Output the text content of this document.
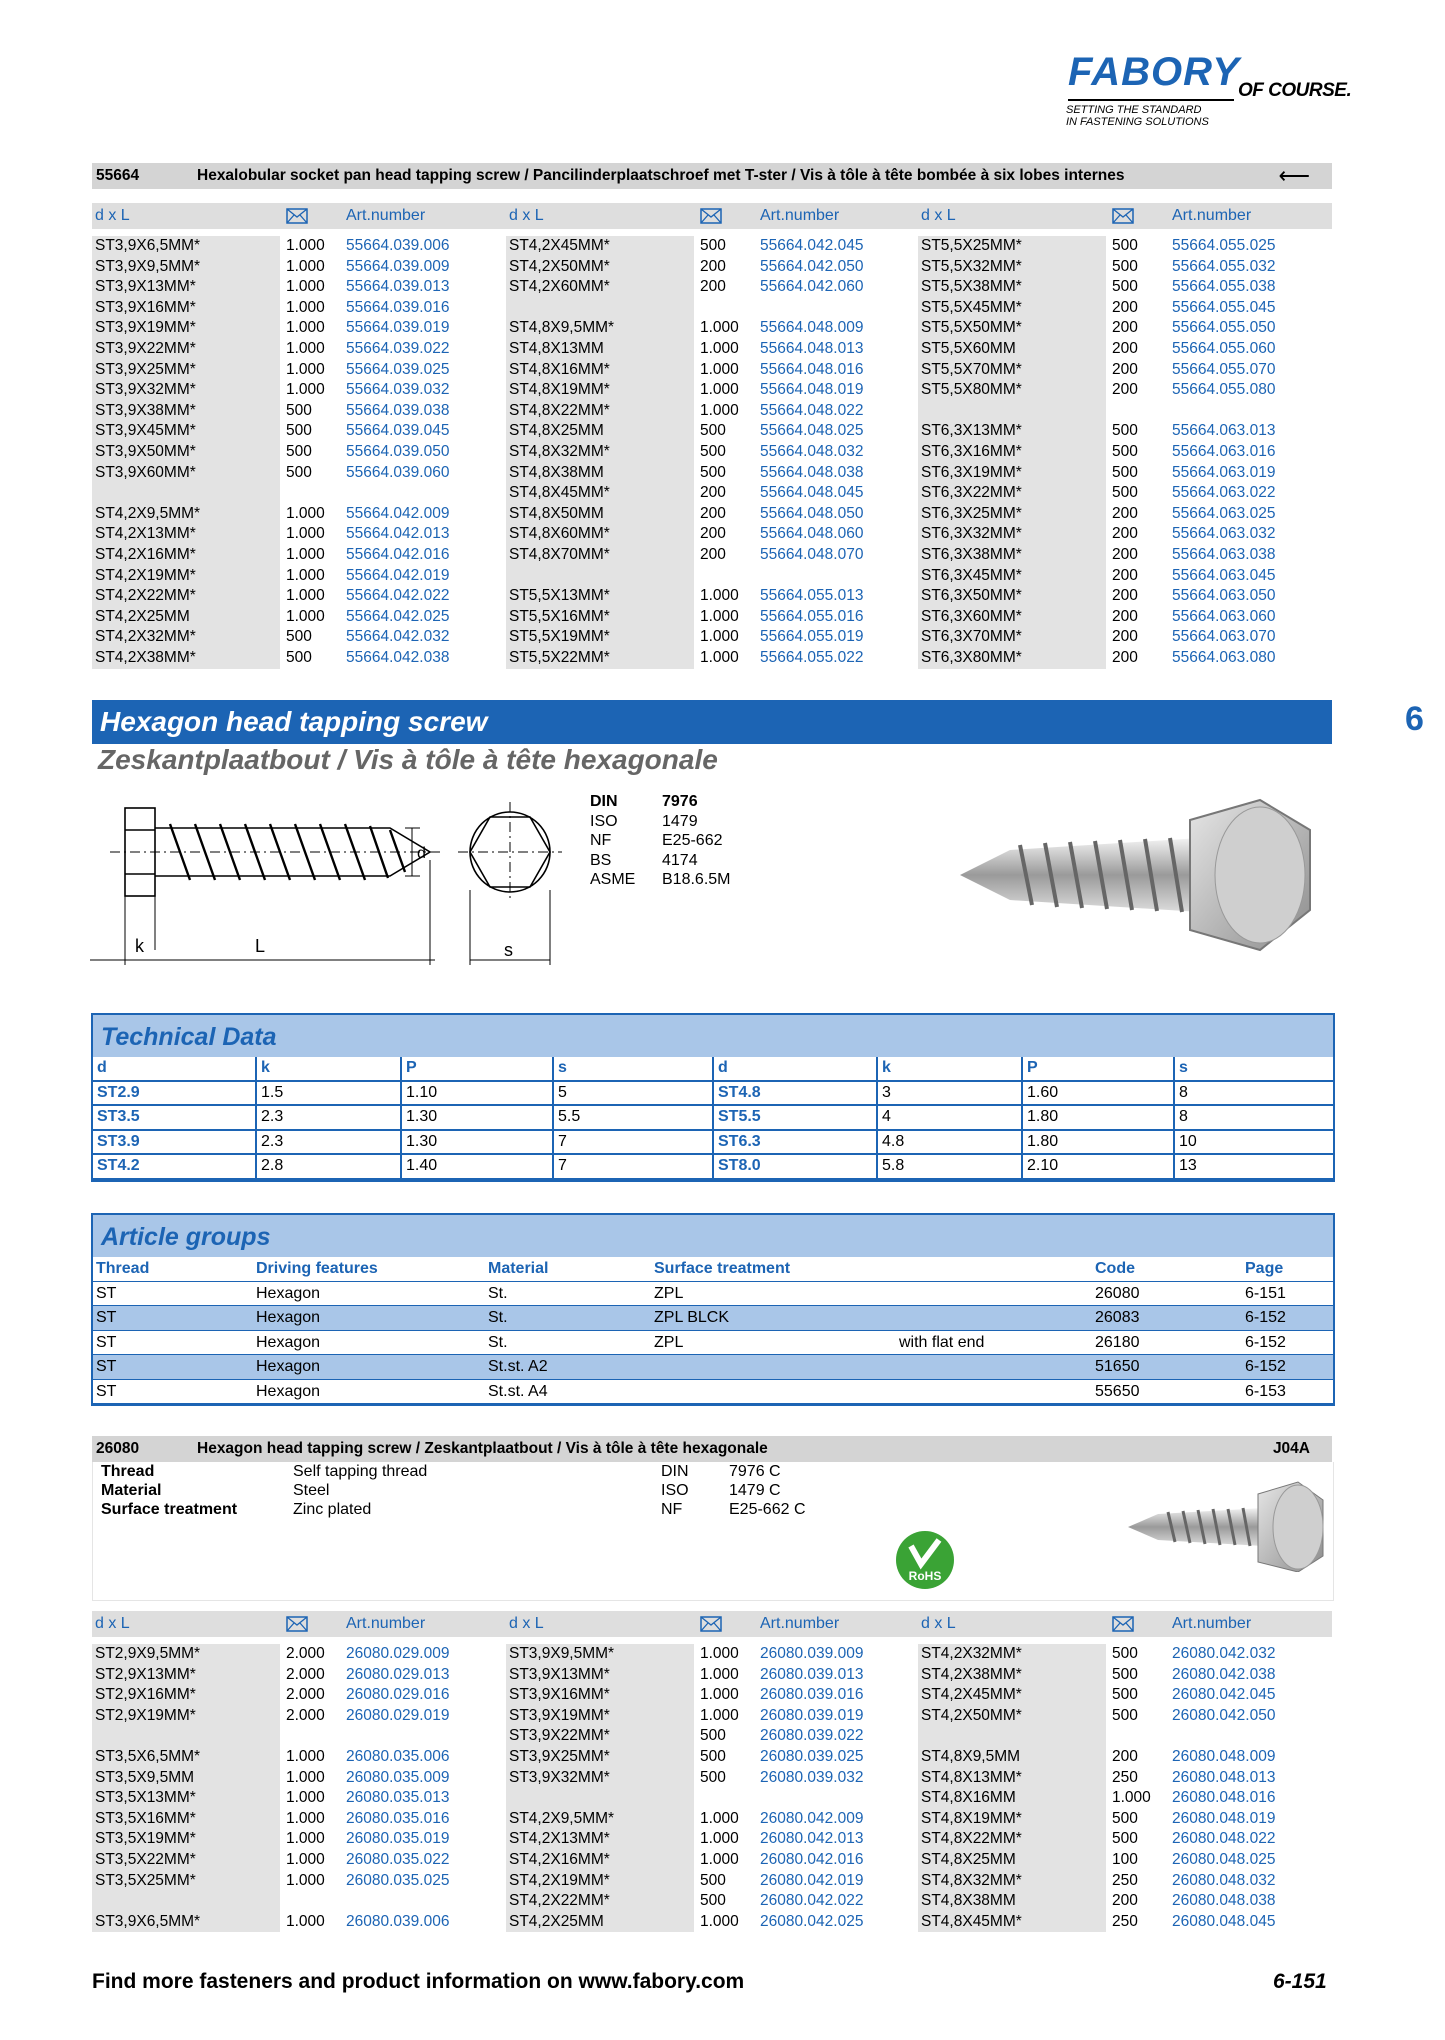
FABORY
OF COURSE.
SETTING THE STANDARD
IN FASTENING SOLUTIONS
55664	Hexalobular socket pan head tapping screw / Pancilinderplaatschroef met T-ster / Vis à tôle à tête bombée à six lobes internes	⟵
d x L	Art.number	d x L	Art.number	d x L	Art.number
ST3,9X6,5MM*	1.000 55664.039.006
ST3,9X9,5MM*	1.000 55664.039.009
ST3,9X13MM*	1.000 55664.039.013
ST3,9X16MM*	1.000 55664.039.016
ST3,9X19MM*	1.000 55664.039.019
ST3,9X22MM*	1.000 55664.039.022
ST3,9X25MM*	1.000 55664.039.025
ST3,9X32MM*	1.000 55664.039.032
ST3,9X38MM*	500 55664.039.038
ST3,9X45MM*	500 55664.039.045
ST3,9X50MM*	500 55664.039.050
ST3,9X60MM*	500 55664.039.060
ST4,2X9,5MM*	1.000 55664.042.009
ST4,2X13MM*	1.000 55664.042.013
ST4,2X16MM*	1.000 55664.042.016
ST4,2X19MM*	1.000 55664.042.019
ST4,2X22MM*	1.000 55664.042.022
ST4,2X25MM	1.000 55664.042.025
ST4,2X32MM*	500 55664.042.032
ST4,2X38MM*	500 55664.042.038
ST4,2X45MM*	500 55664.042.045
ST4,2X50MM*	200 55664.042.050
ST4,2X60MM*	200 55664.042.060
ST4,8X9,5MM*	1.000 55664.048.009
ST4,8X13MM	1.000 55664.048.013
ST4,8X16MM*	1.000 55664.048.016
ST4,8X19MM*	1.000 55664.048.019
ST4,8X22MM*	1.000 55664.048.022
ST4,8X25MM	500 55664.048.025
ST4,8X32MM*	500 55664.048.032
ST4,8X38MM	500 55664.048.038
ST4,8X45MM*	200 55664.048.045
ST4,8X50MM	200 55664.048.050
ST4,8X60MM*	200 55664.048.060
ST4,8X70MM*	200 55664.048.070
ST5,5X13MM*	1.000 55664.055.013
ST5,5X16MM*	1.000 55664.055.016
ST5,5X19MM*	1.000 55664.055.019
ST5,5X22MM*	1.000 55664.055.022
ST5,5X25MM*	500 55664.055.025
ST5,5X32MM*	500 55664.055.032
ST5,5X38MM*	500 55664.055.038
ST5,5X45MM*	200 55664.055.045
ST5,5X50MM*	200 55664.055.050
ST5,5X60MM	200 55664.055.060
ST5,5X70MM*	200 55664.055.070
ST5,5X80MM*	200 55664.055.080
ST6,3X13MM*	500 55664.063.013
ST6,3X16MM*	500 55664.063.016
ST6,3X19MM*	500 55664.063.019
ST6,3X22MM*	500 55664.063.022
ST6,3X25MM*	200 55664.063.025
ST6,3X32MM*	200 55664.063.032
ST6,3X38MM*	200 55664.063.038
ST6,3X45MM*	200 55664.063.045
ST6,3X50MM*	200 55664.063.050
ST6,3X60MM*	200 55664.063.060
ST6,3X70MM*	200 55664.063.070
ST6,3X80MM*	200 55664.063.080
Hexagon head tapping screw
Zeskantplaatbout / Vis à tôle à tête hexagonale
6
k	L
d
s
DIN	7976
ISO	1479
NF	E25-662
BS	4174
ASME B18.6.5M
Technical Data
d	k	P	s
ST2.9	1.5	1.10	5
ST3.5	2.3	1.30	5.5
ST3.9	2.3	1.30	7
ST4.2	2.8	1.40	7
d	k	P	s
ST4.8	3	1.60	8
ST5.5	4	1.80	8
ST6.3	4.8	1.80	10
ST8.0	5.8	2.10	13
Article groups
Thread	Driving features	Material	Surface treatment		Code	Page
ST	Hexagon	St.	ZPL		26080	6-151
ST	Hexagon	St.	ZPL BLCK		26083	6-152
ST	Hexagon	St.	ZPL	with flat end	26180	6-152
ST	Hexagon	St.st. A2			51650	6-152
ST	Hexagon	St.st. A4			55650	6-153
26080	Hexagon head tapping screw / Zeskantplaatbout / Vis à tôle à tête hexagonale	J04A
Thread	Self tapping thread
Material	Steel
Surface treatment	Zinc plated
DIN	7976 C
ISO	1479 C
NF	E25-662 C
RoHS
d x L	Art.number	d x L	Art.number	d x L	Art.number
ST2,9X9,5MM*	2.000 26080.029.009
ST2,9X13MM*	2.000 26080.029.013
ST2,9X16MM*	2.000 26080.029.016
ST2,9X19MM*	2.000 26080.029.019
ST3,5X6,5MM*	1.000 26080.035.006
ST3,5X9,5MM	1.000 26080.035.009
ST3,5X13MM*	1.000 26080.035.013
ST3,5X16MM*	1.000 26080.035.016
ST3,5X19MM*	1.000 26080.035.019
ST3,5X22MM*	1.000 26080.035.022
ST3,5X25MM*	1.000 26080.035.025
ST3,9X6,5MM*	1.000 26080.039.006
ST3,9X9,5MM*	1.000 26080.039.009
ST3,9X13MM*	1.000 26080.039.013
ST3,9X16MM*	1.000 26080.039.016
ST3,9X19MM*	1.000 26080.039.019
ST3,9X22MM*	500 26080.039.022
ST3,9X25MM*	500 26080.039.025
ST3,9X32MM*	500 26080.039.032
ST4,2X9,5MM*	1.000 26080.042.009
ST4,2X13MM*	1.000 26080.042.013
ST4,2X16MM*	1.000 26080.042.016
ST4,2X19MM*	500 26080.042.019
ST4,2X22MM*	500 26080.042.022
ST4,2X25MM	1.000 26080.042.025
ST4,2X32MM*	500 26080.042.032
ST4,2X38MM*	500 26080.042.038
ST4,2X45MM*	500 26080.042.045
ST4,2X50MM*	500 26080.042.050
ST4,8X9,5MM	200 26080.048.009
ST4,8X13MM*	250 26080.048.013
ST4,8X16MM	1.000 26080.048.016
ST4,8X19MM*	500 26080.048.019
ST4,8X22MM*	500 26080.048.022
ST4,8X25MM	100 26080.048.025
ST4,8X32MM*	250 26080.048.032
ST4,8X38MM	200 26080.048.038
ST4,8X45MM*	250 26080.048.045
Find more fasteners and product information on www.fabory.com	6-151
